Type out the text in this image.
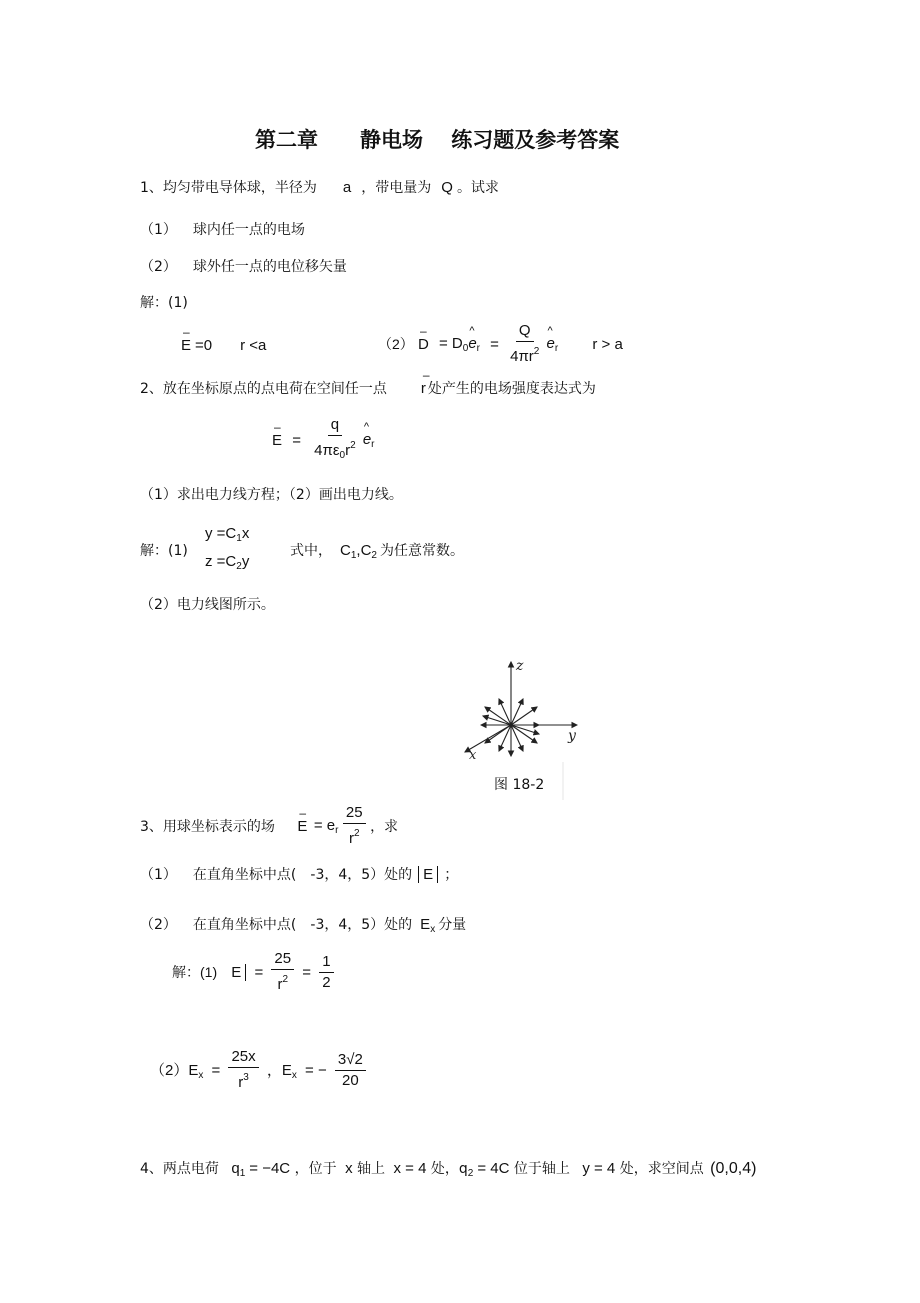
第二章　　静电场　 练习题及参考答案
1、均匀带电导体球，半径为 a ，带电量为 Q 。试求
（1） 球内任一点的电场
（2） 球外任一点的电位移矢量
解：(1)
– E =0 r <a	$(2) - D = D_0\^{}$ $e_r = \frac{Q}{4\pi r^2}$ ^ $e_r$ r > a
2、放在坐标原点的点电荷在空间任一点 – r 处产生的电场强度表达式为
– $E = \frac{q}{4\pi\varepsilon_0r^2}$ ^ $e_r$
（1）求出电力线方程；（2）画出电力线。
解：(1)
$y =C_1x$
$z =C_2y$
式中， $C_1,C_2$ 为任意常数。
（2）电力线图所示。
z
y
x
图 18-2
3、用球坐标表示的场 – $E = e_r \frac{25}{r^2}$ ，求
（1） 在直角坐标中点( -3，4，5）处的 E ；
（2） 在直角坐标中点( -3，4，5）处的 $E_x$ 分量
解：(1) $E = \frac{25}{r^2} = \frac{1}{2}$
$(2)E_x = \frac{25x}{r^3}$ ，$E_x$ = − $\frac{3√2}{20}$
4、两点电荷 $q_1 = -4C$ ，位于 x 轴上 x = 4 处，$q_2 = 4C$ 位于轴上 y = 4 处，求空间点 (0,0,4)
